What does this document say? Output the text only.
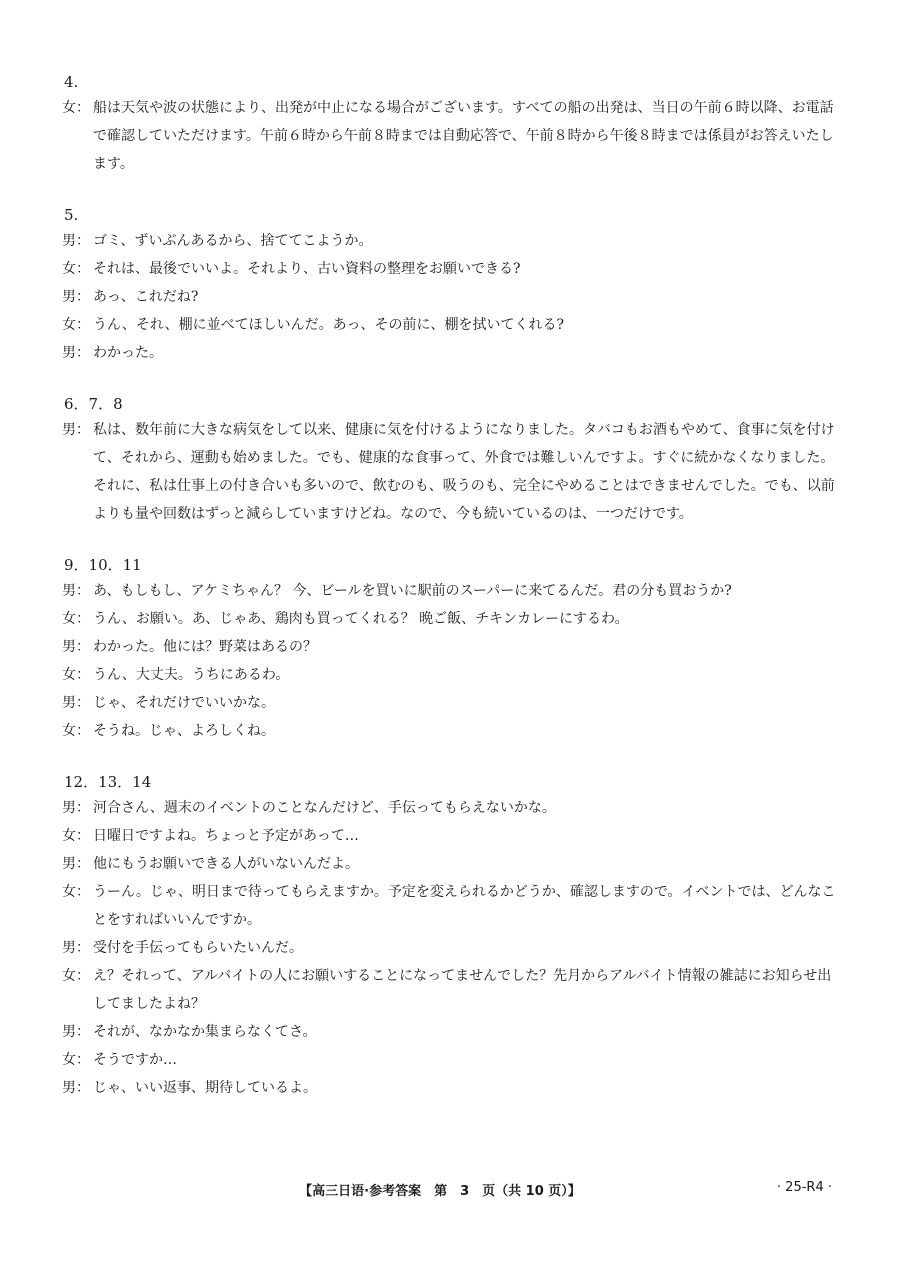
4.
女： 船は天気や波の状態により、出発が中止になる場合がございます。すべての船の出発は、当日の午前６時以降、お電話で確認していただけます。午前６時から午前８時までは自動応答で、午前８時から午後８時までは係員がお答えいたします。
5.
男： ゴミ、ずいぶんあるから、捨ててこようか。
女： それは、最後でいいよ。それより、古い資料の整理をお願いできる?
男： あっ、これだね?
女： うん、それ、棚に並べてほしいんだ。あっ、その前に、棚を拭いてくれる?
男： わかった。
6．7．8
男： 私は、数年前に大きな病気をして以来、健康に気を付けるようになりました。タバコもお酒もやめて、食事に気を付けて、それから、運動も始めました。でも、健康的な食事って、外食では難しいんですよ。すぐに続かなくなりました。それに、私は仕事上の付き合いも多いので、飲むのも、吸うのも、完全にやめることはできませんでした。でも、以前よりも量や回数はずっと減らしていますけどね。なので、今も続いているのは、一つだけです。
9．10．11
男： あ、もしもし、アケミちゃん？ 今、ビールを買いに駅前のスーパーに来てるんだ。君の分も買おうか?
女： うん、お願い。あ、じゃあ、鶏肉も買ってくれる？ 晩ご飯、チキンカレーにするわ。
男： わかった。他には？野菜はあるの？
女： うん、大丈夫。うちにあるわ。
男： じゃ、それだけでいいかな。
女： そうね。じゃ、よろしくね。
12．13．14
男： 河合さん、週末のイベントのことなんだけど、手伝ってもらえないかな。
女： 日曜日ですよね。ちょっと予定があって…
男： 他にもうお願いできる人がいないんだよ。
女： うーん。じゃ、明日まで待ってもらえますか。予定を変えられるかどうか、確認しますので。イベントでは、どんなことをすればいいんですか。
男： 受付を手伝ってもらいたいんだ。
女： え？それって、アルバイトの人にお願いすることになってませんでした？先月からアルバイト情報の雑誌にお知らせ出してましたよね？
男： それが、なかなか集まらなくてさ。
女： そうですか…
男： じゃ、いい返事、期待しているよ。
【高三日语·参考答案　第　3　页（共 10 页）】	· 25-R4 ·
